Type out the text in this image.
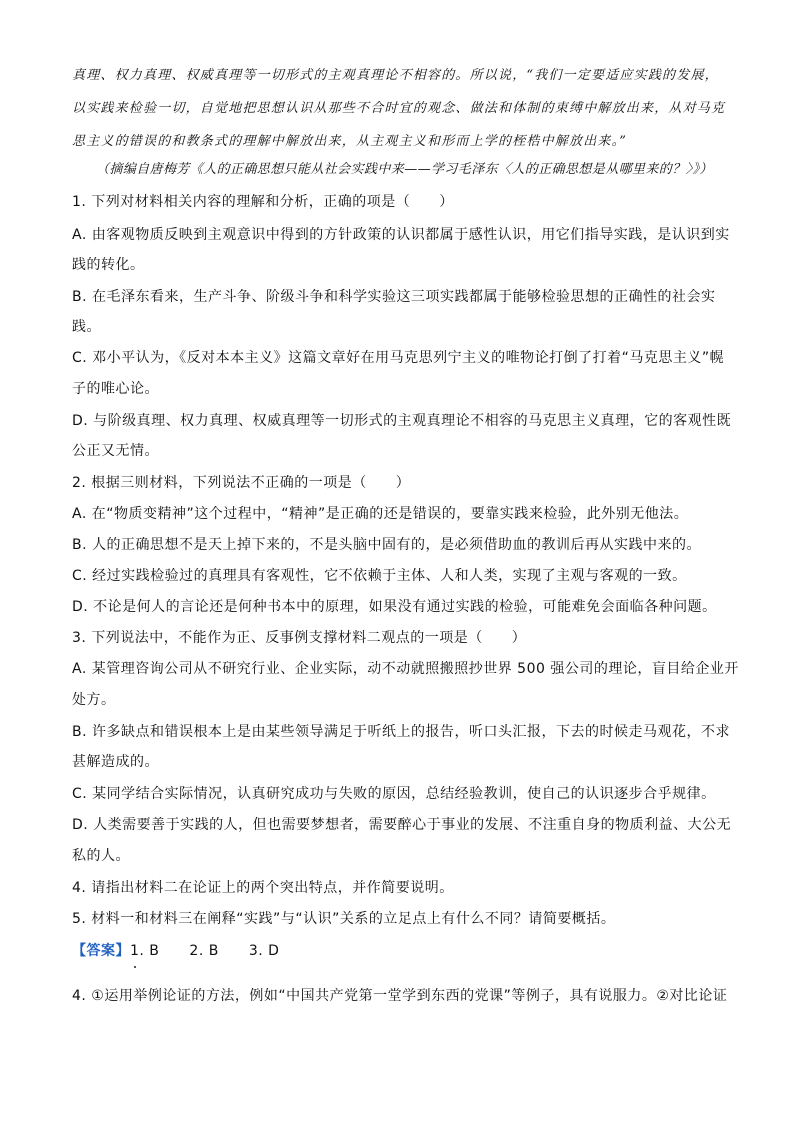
真理、权力真理、权威真理等一切形式的主观真理论不相容的。所以说，“我们一定要适应实践的发展，
以实践来检验一切，自觉地把思想认识从那些不合时宜的观念、做法和体制的束缚中解放出来，从对马克
思主义的错误的和教条式的理解中解放出来，从主观主义和形而上学的桎梏中解放出来。”
（摘编自唐梅芳《人的正确思想只能从社会实践中来——学习毛泽东〈人的正确思想是从哪里来的？〉》）
1. 下列对材料相关内容的理解和分析，正确的项是（　　）
A. 由客观物质反映到主观意识中得到的方针政策的认识都属于感性认识，用它们指导实践，是认识到实
践的转化。
B. 在毛泽东看来，生产斗争、阶级斗争和科学实验这三项实践都属于能够检验思想的正确性的社会实
践。
C. 邓小平认为，《反对本本主义》这篇文章好在用马克思列宁主义的唯物论打倒了打着“马克思主义”幌
子的唯心论。
D. 与阶级真理、权力真理、权威真理等一切形式的主观真理论不相容的马克思主义真理，它的客观性既
公正又无情。
2. 根据三则材料，下列说法不正确的一项是（　　）
A. 在“物质变精神”这个过程中，“精神”是正确的还是错误的，要靠实践来检验，此外别无他法。
B. 人的正确思想不是天上掉下来的，不是头脑中固有的，是必须借助血的教训后再从实践中来的。
C. 经过实践检验过的真理具有客观性，它不依赖于主体、人和人类，实现了主观与客观的一致。
D. 不论是何人的言论还是何种书本中的原理，如果没有通过实践的检验，可能难免会面临各种问题。
3. 下列说法中，不能作为正、反事例支撑材料二观点的一项是（　　）
A. 某管理咨询公司从不研究行业、企业实际，动不动就照搬照抄世界 500 强公司的理论，盲目给企业开
处方。
B. 许多缺点和错误根本上是由某些领导满足于听纸上的报告，听口头汇报，下去的时候走马观花，不求
甚解造成的。
C. 某同学结合实际情况，认真研究成功与失败的原因，总结经验教训，使自己的认识逐步合乎规律。
D. 人类需要善于实践的人，但也需要梦想者，需要醉心于事业的发展、不注重自身的物质利益、大公无
私的人。
4. 请指出材料二在论证上的两个突出特点，并作简要说明。
5. 材料一和材料三在阐释“实践”与“认识”关系的立足点上有什么不同？请简要概括。
【答案】1. B 2. B 3. D
4. ①运用举例论证的方法，例如“中国共产党第一堂学到东西的党课”等例子，具有说服力。②对比论证
